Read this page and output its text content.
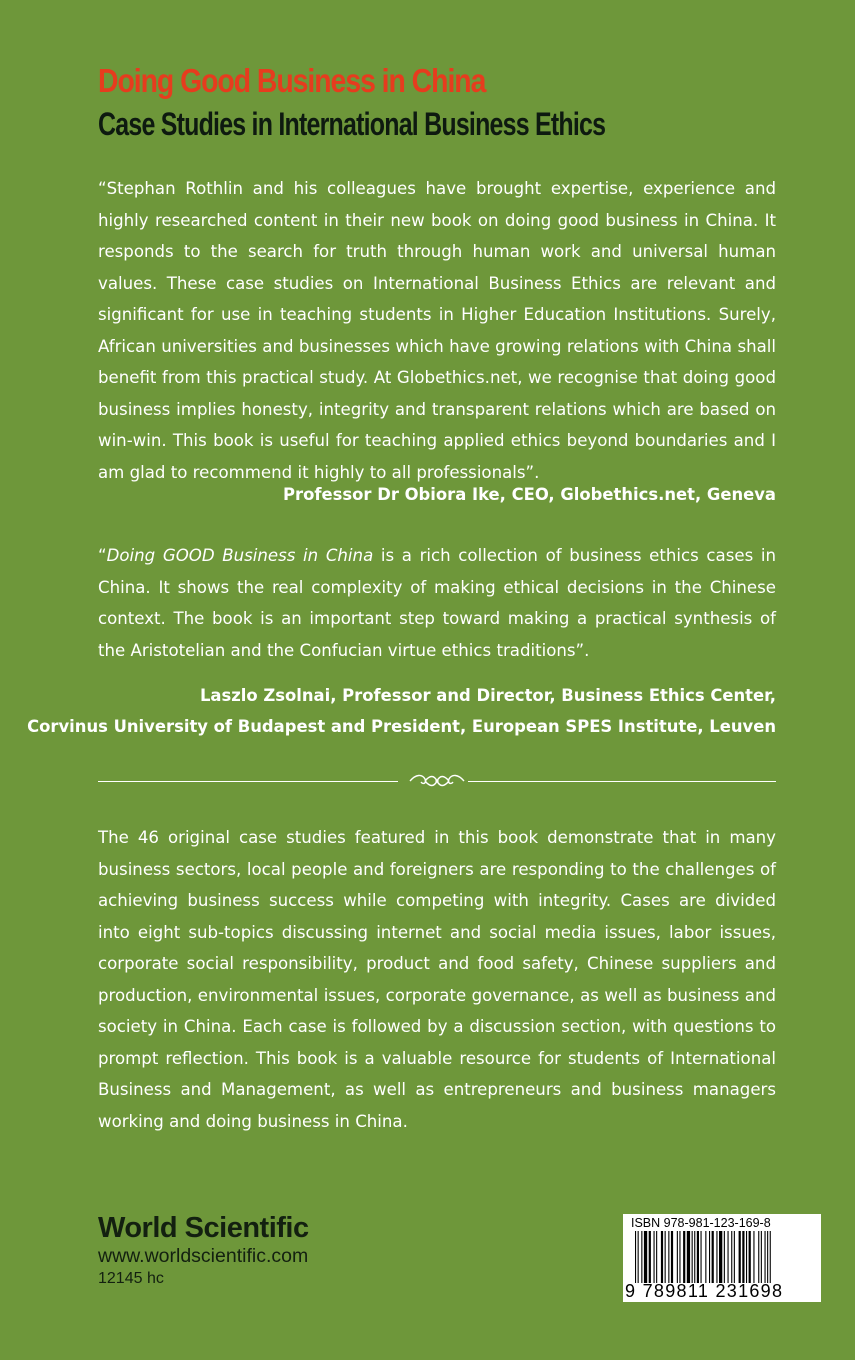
Doing Good Business in China
Case Studies in International Business Ethics

“Stephan Rothlin and his colleagues have brought expertise, experience and highly researched content in their new book on doing good business in China. It responds to the search for truth through human work and universal human values. These case studies on International Business Ethics are relevant and significant for use in teaching students in Higher Education Institutions. Surely, African universities and businesses which have growing relations with China shall benefit from this practical study. At Globethics.net, we recognise that doing good business implies honesty, integrity and transparent relations which are based on win-win. This book is useful for teaching applied ethics beyond boundaries and I am glad to recommend it highly to all professionals”.

Professor Dr Obiora Ike, CEO, Globethics.net, Geneva

“Doing GOOD Business in China is a rich collection of business ethics cases in China. It shows the real complexity of making ethical decisions in the Chinese context. The book is an important step toward making a practical synthesis of the Aristotelian and the Confucian virtue ethics traditions”.

Laszlo Zsolnai, Professor and Director, Business Ethics Center,
Corvinus University of Budapest and President, European SPES Institute, Leuven

The 46 original case studies featured in this book demonstrate that in many business sectors, local people and foreigners are responding to the challenges of achieving business success while competing with integrity. Cases are divided into eight sub-topics discussing internet and social media issues, labor issues, corporate social responsibility, product and food safety, Chinese suppliers and production, environmental issues, corporate governance, as well as business and society in China. Each case is followed by a discussion section, with questions to prompt reflection. This book is a valuable resource for students of International Business and Management, as well as entrepreneurs and business managers working and doing business in China.

World Scientific
www.worldscientific.com
12145 hc
ISBN 978-981-123-169-8
9 789811 231698
